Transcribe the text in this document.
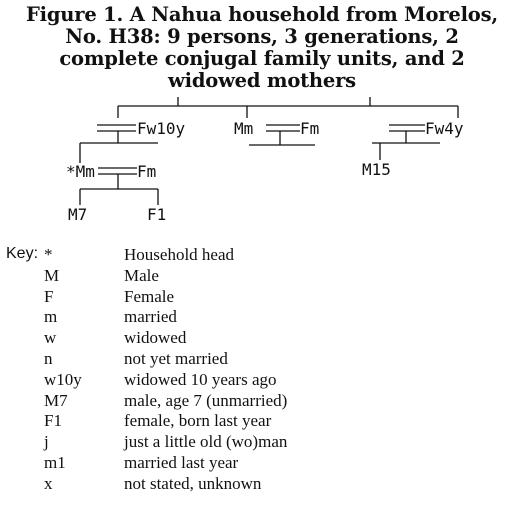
Figure 1. A Nahua household from Morelos,
No. H38: 9 persons, 3 generations, 2
complete conjugal family units, and 2
widowed mothers
Fw10y	Mm	Fm	Fw4y
*Mm	Fm	M15
M7	F1
Key: *	Household head
M	Male
F	Female
m	married
w	widowed
n	not yet married
w10y widowed 10 years ago
M7	male, age 7 (unmarried)
F1	female, born last year
j	just a little old (wo)man
m1	married last year
x	not stated, unknown
